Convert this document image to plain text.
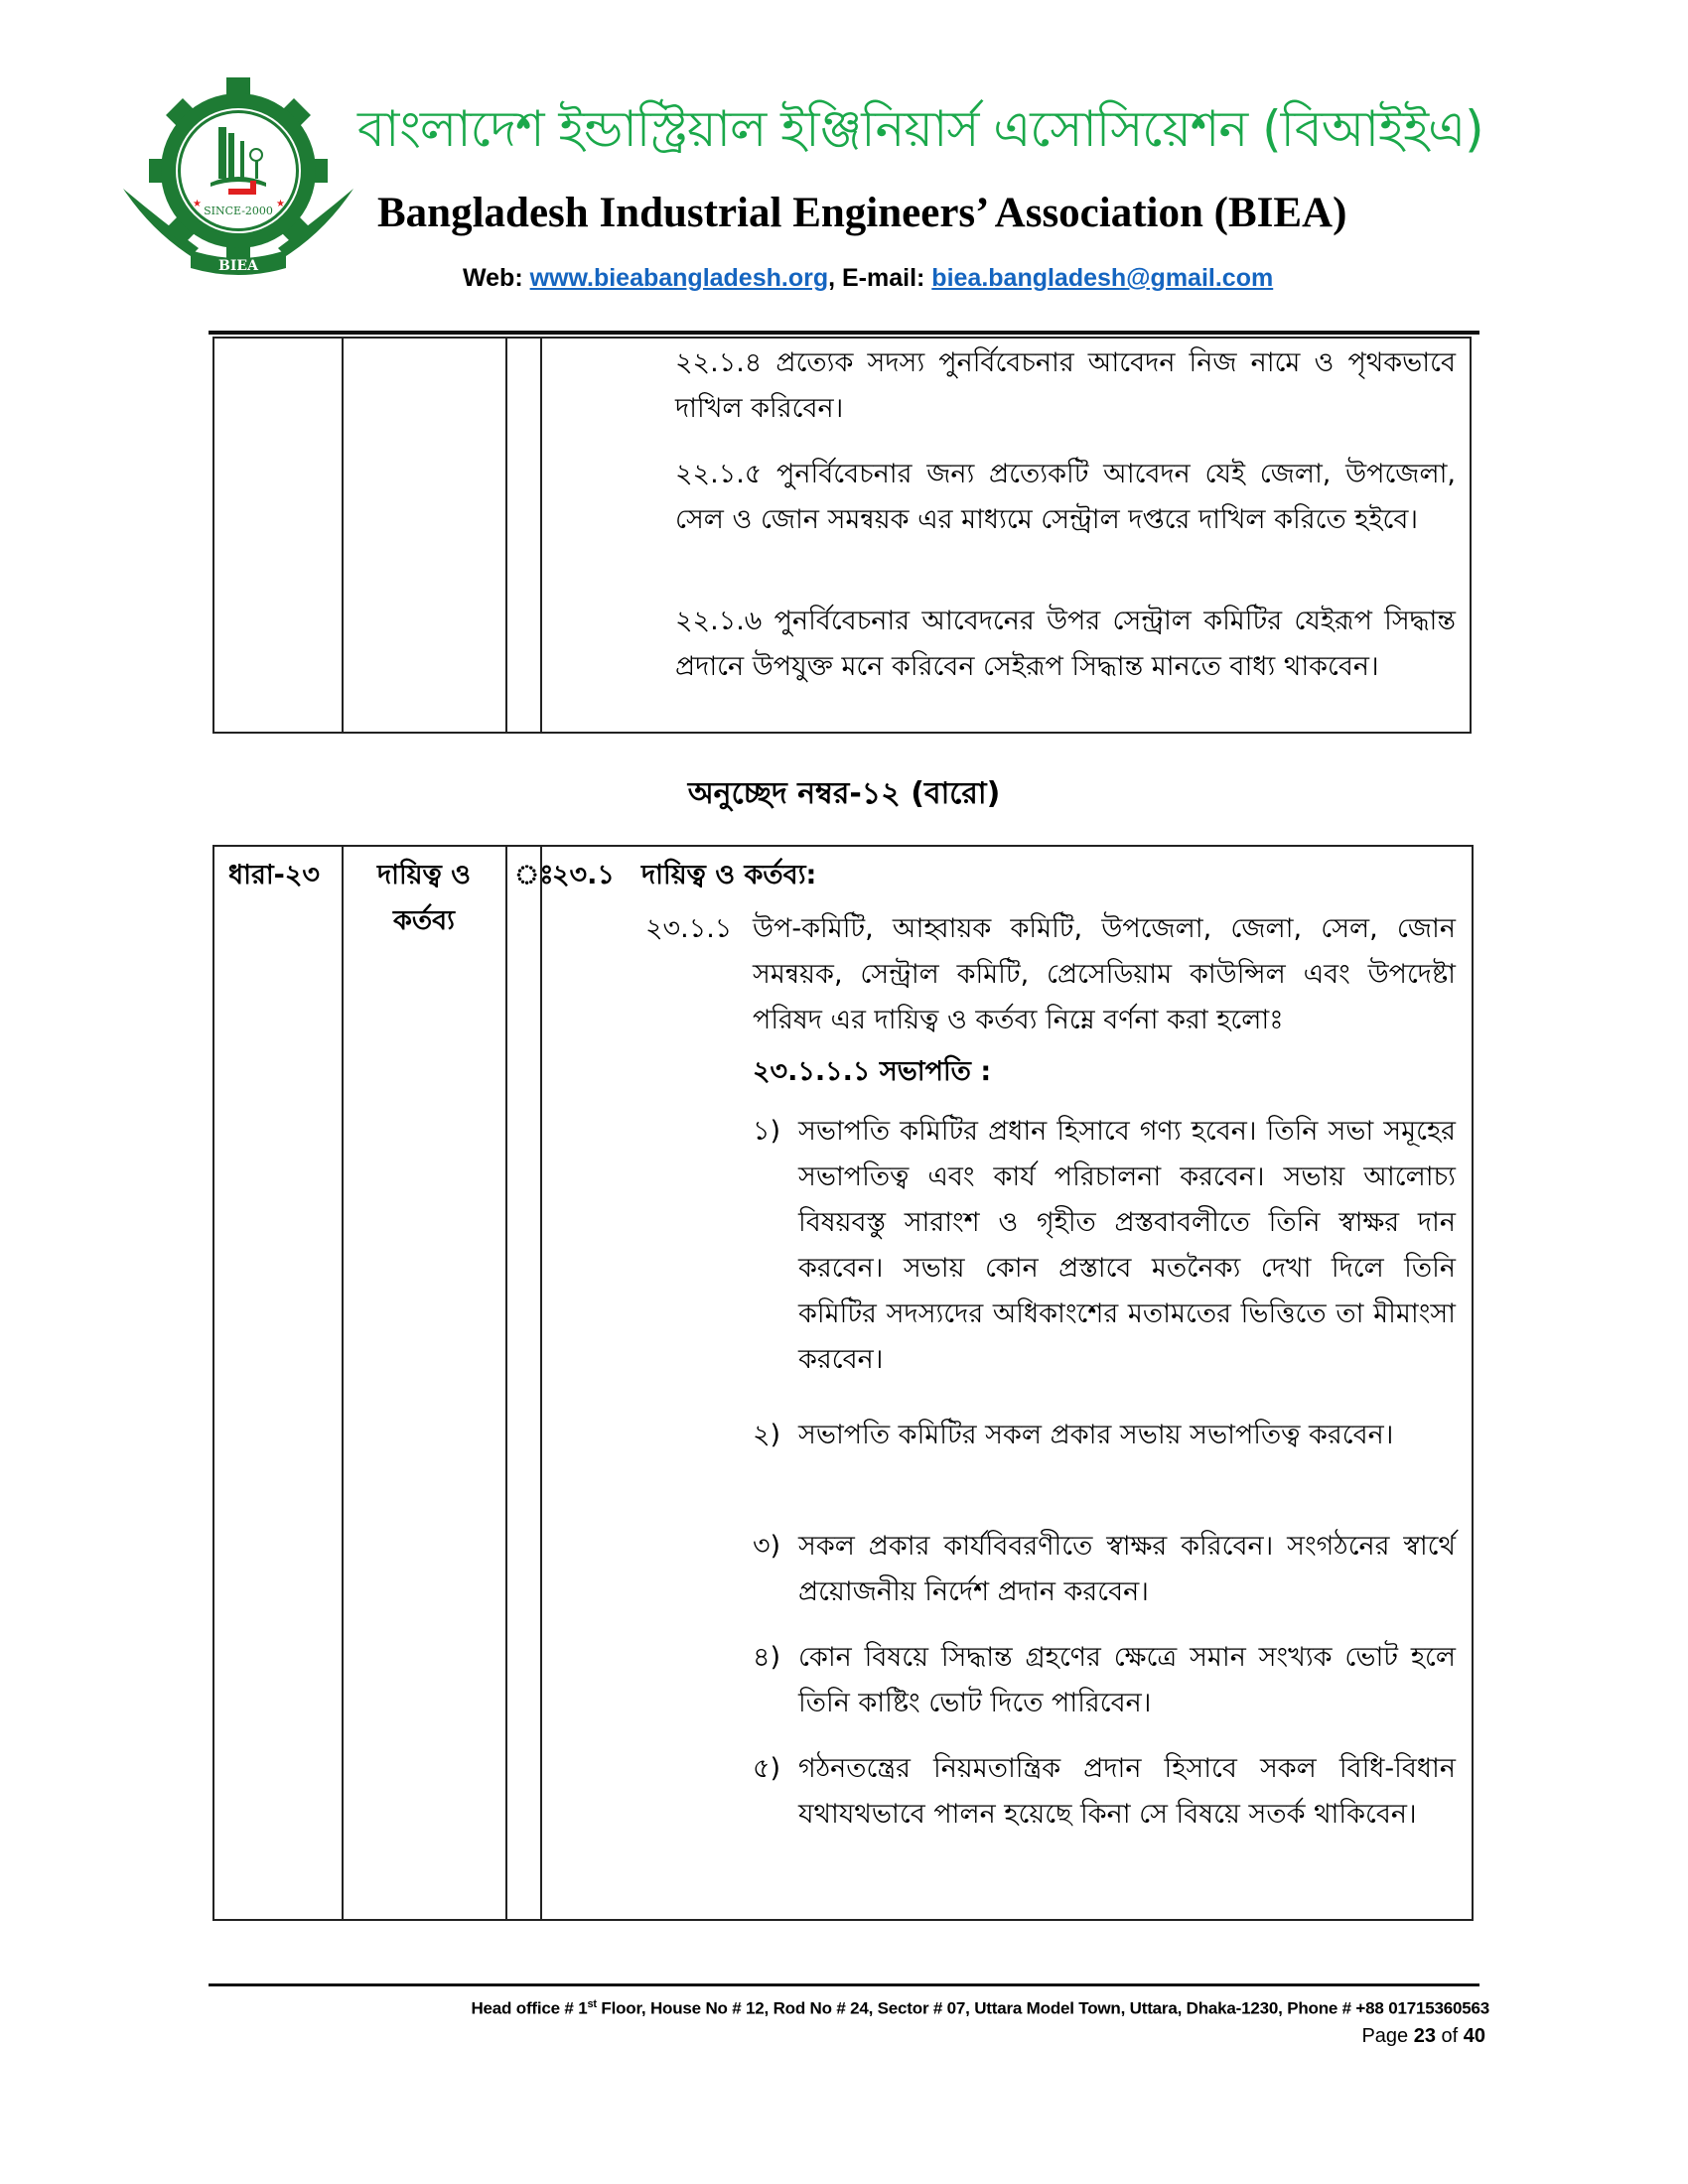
★	★
SINCE-2000
BIEA
বাংলাদেশ ইন্ডাস্ট্রিয়াল ইঞ্জিনিয়ার্স এসোসিয়েশন (বিআইইএ)
Bangladesh Industrial Engineers’ Association (BIEA)
Web: www.bieabangladesh.org, E-mail: biea.bangladesh@gmail.com
২২.১.৪ প্রত্যেক সদস্য পুনর্বিবেচনার আবেদন নিজ নামে ও পৃথকভাবে দাখিল করিবেন।
২২.১.৫ পুনর্বিবেচনার জন্য প্রত্যেকটি আবেদন যেই জেলা, উপজেলা, সেল ও জোন সমন্বয়ক এর মাধ্যমে সেন্ট্রাল দপ্তরে দাখিল করিতে হইবে।
২২.১.৬ পুনর্বিবেচনার আবেদনের উপর সেন্ট্রাল কমিটির যেইরূপ সিদ্ধান্ত প্রদানে উপযুক্ত মনে করিবেন সেইরূপ সিদ্ধান্ত মানতে বাধ্য থাকবেন।
অনুচ্ছেদ নম্বর-১২ (বারো)
ধারা-২৩	দায়িত্ব ও কর্তব্য
ঃ
২৩.১ দায়িত্ব ও কর্তব্য:
২৩.১.১ উপ-কমিটি, আহ্বায়ক কমিটি, উপজেলা, জেলা, সেল, জোন সমন্বয়ক, সেন্ট্রাল কমিটি, প্রেসেডিয়াম কাউন্সিল এবং উপদেষ্টা পরিষদ এর দায়িত্ব ও কর্তব্য নিম্নে বর্ণনা করা হলোঃ
২৩.১.১.১ সভাপতি :
১) সভাপতি কমিটির প্রধান হিসাবে গণ্য হবেন। তিনি সভা সমূহের সভাপতিত্ব এবং কার্য পরিচালনা করবেন। সভায় আলোচ্য বিষয়বস্তু সারাংশ ও গৃহীত প্রস্তবাবলীতে তিনি স্বাক্ষর দান করবেন। সভায় কোন প্রস্তাবে মতনৈক্য দেখা দিলে তিনি কমিটির সদস্যদের অধিকাংশের মতামতের ভিত্তিতে তা মীমাংসা করবেন।
২) সভাপতি কমিটির সকল প্রকার সভায় সভাপতিত্ব করবেন।
৩) সকল প্রকার কার্যবিবরণীতে স্বাক্ষর করিবেন। সংগঠনের স্বার্থে প্রয়োজনীয় নির্দেশ প্রদান করবেন।
৪) কোন বিষয়ে সিদ্ধান্ত গ্রহণের ক্ষেত্রে সমান সংখ্যক ভোট হলে তিনি কাষ্টিং ভোট দিতে পারিবেন।
৫) গঠনতন্ত্রের নিয়মতান্ত্রিক প্রদান হিসাবে সকল বিধি-বিধান যথাযথভাবে পালন হয়েছে কিনা সে বিষয়ে সতর্ক থাকিবেন।
Head office # 1st Floor, House No # 12, Rod No # 24, Sector # 07, Uttara Model Town, Uttara, Dhaka-1230, Phone # +88 01715360563
Page 23 of 40
